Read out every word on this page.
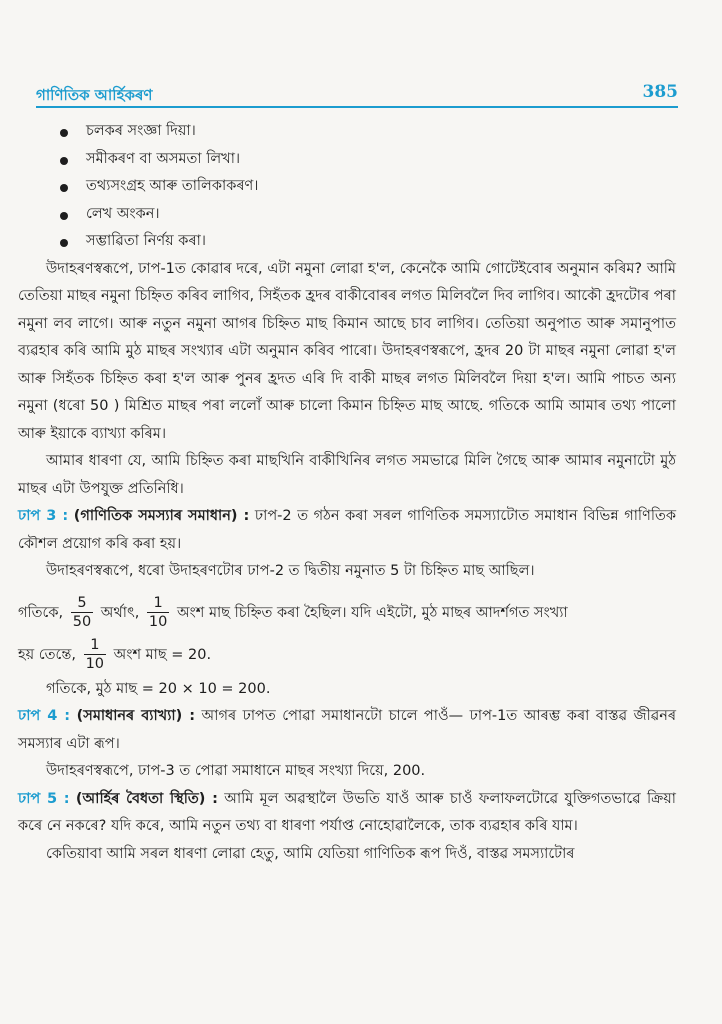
গাণিতিক আৰ্হিকৰণ	385
চলকৰ সংজ্ঞা দিয়া।
সমীকৰণ বা অসমতা লিখা।
তথ্যসংগ্ৰহ আৰু তালিকাকৰণ।
লেখ অংকন।
সম্ভাৱিতা নিৰ্ণয় কৰা।

উদাহৰণস্বৰূপে, ঢাপ-1ত কোৱাৰ দৰে, এটা নমুনা লোৱা হ'ল, কেনেকৈ আমি গোটেইবোৰ অনুমান কৰিম? আমি তেতিয়া মাছৰ নমুনা চিহ্নিত কৰিব লাগিব, সিহঁতক হ্ৰদৰ বাকীবোৰৰ লগত মিলিবলৈ দিব লাগিব। আকৌ হ্ৰদটোৰ পৰা নমুনা লব লাগে। আৰু নতুন নমুনা আগৰ চিহ্নিত মাছ কিমান আছে চাব লাগিব। তেতিয়া অনুপাত আৰু সমানুপাত ব্যৱহাৰ কৰি আমি মুঠ মাছৰ সংখ্যাৰ এটা অনুমান কৰিব পাৰো। উদাহৰণস্বৰূপে, হ্ৰদৰ 20 টা মাছৰ নমুনা লোৱা হ'ল আৰু সিহঁতক চিহ্নিত কৰা হ'ল আৰু পুনৰ হ্ৰদত এৰি দি বাকী মাছৰ লগত মিলিবলৈ দিয়া হ'ল। আমি পাচত অন্য নমুনা (ধৰো 50 ) মিশ্ৰিত মাছৰ পৰা ললোঁ আৰু চালো কিমান চিহ্নিত মাছ আছে. গতিকে আমি আমাৰ তথ্য পালো আৰু ইয়াকে ব্যাখ্যা কৰিম।

আমাৰ ধাৰণা যে, আমি চিহ্নিত কৰা মাছখিনি বাকীখিনিৰ লগত সমভাৱে মিলি গৈছে আৰু আমাৰ নমুনাটো মুঠ মাছৰ এটা উপযুক্ত প্ৰতিনিধি।

ঢাপ 3 : (গাণিতিক সমস্যাৰ সমাধান) : ঢাপ-2 ত গঠন কৰা সৰল গাণিতিক সমস্যাটোত সমাধান বিভিন্ন গাণিতিক কৌশল প্ৰয়োগ কৰি কৰা হয়।

উদাহৰণস্বৰূপে, ধৰো উদাহৰণটোৰ ঢাপ-2 ত দ্বিতীয় নমুনাত 5 টা চিহ্নিত মাছ আছিল।

গতিকে, $\frac{5}{50}$ অৰ্থাৎ, $\frac{1}{10}$ অংশ মাছ চিহ্নিত কৰা হৈছিল। যদি এইটো, মুঠ মাছৰ আদৰ্শগত সংখ্যা

হয় তেন্তে, $\frac{1}{10}$ অংশ মাছ = 20.

গতিকে, মুঠ মাছ = 20 × 10 = 200.

ঢাপ 4 : (সমাধানৰ ব্যাখ্যা) : আগৰ ঢাপত পোৱা সমাধানটো চালে পাওঁ— ঢাপ-1ত আৰম্ভ কৰা বাস্তৱ জীৱনৰ সমস্যাৰ এটা ৰূপ।

উদাহৰণস্বৰূপে, ঢাপ-3 ত পোৱা সমাধানে মাছৰ সংখ্যা দিয়ে, 200.

ঢাপ 5 : (আৰ্হিৰ বৈধতা স্থিতি) : আমি মূল অৱস্থালৈ উভতি যাওঁ আৰু চাওঁ ফলাফলটোৱে যুক্তিগতভাৱে ক্ৰিয়া কৰে নে নকৰে? যদি কৰে, আমি নতুন তথ্য বা ধাৰণা পৰ্যাপ্ত নোহোৱালৈকে, তাক ব্যৱহাৰ কৰি যাম।

কেতিয়াবা আমি সৰল ধাৰণা লোৱা হেতু, আমি যেতিয়া গাণিতিক ৰূপ দিওঁ, বাস্তৱ সমস্যাটোৰ
